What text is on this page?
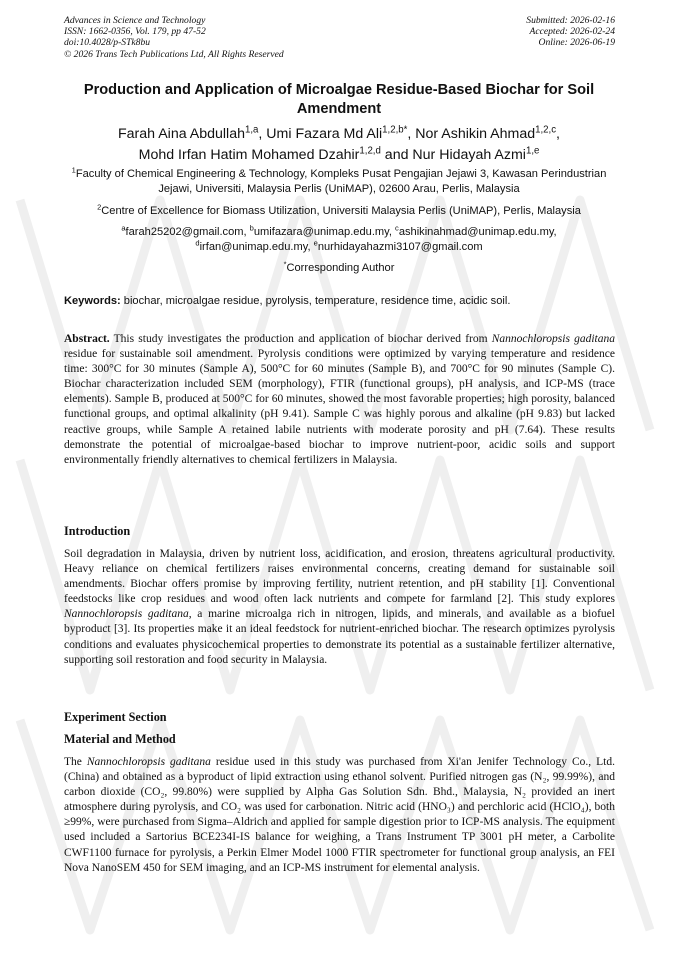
Advances in Science and Technology
ISSN: 1662-0356, Vol. 179, pp 47-52
doi:10.4028/p-STk8bu
© 2026 Trans Tech Publications Ltd, All Rights Reserved
Submitted: 2026-02-16
Accepted: 2026-02-24
Online: 2026-06-19
Production and Application of Microalgae Residue-Based Biochar for Soil Amendment
Farah Aina Abdullah$^{1,a}$, Umi Fazara Md Ali$^{1,2,b*}$, Nor Ashikin Ahmad$^{1,2,c}$,
Mohd Irfan Hatim Mohamed Dzahir$^{1,2,d}$ and Nur Hidayah Azmi$^{1,e}$
$^1$Faculty of Chemical Engineering & Technology, Kompleks Pusat Pengajian Jejawi 3, Kawasan Perindustrian Jejawi, Universiti, Malaysia Perlis (UniMAP), 02600 Arau, Perlis, Malaysia
$^2$Centre of Excellence for Biomass Utilization, Universiti Malaysia Perlis (UniMAP), Perlis, Malaysia
$^a$farah25202@gmail.com, $^b$umifazara@unimap.edu.my, $^c$ashikinahmad@unimap.edu.my,
$^d$irfan@unimap.edu.my, $^e$nurhidayahazmi3107@gmail.com
*Corresponding Author
Keywords: biochar, microalgae residue, pyrolysis, temperature, residence time, acidic soil.
Abstract. This study investigates the production and application of biochar derived from Nannochloropsis gaditana residue for sustainable soil amendment. Pyrolysis conditions were optimized by varying temperature and residence time: 300°C for 30 minutes (Sample A), 500°C for 60 minutes (Sample B), and 700°C for 90 minutes (Sample C). Biochar characterization included SEM (morphology), FTIR (functional groups), pH analysis, and ICP-MS (trace elements). Sample B, produced at 500°C for 60 minutes, showed the most favorable properties; high porosity, balanced functional groups, and optimal alkalinity (pH 9.41). Sample C was highly porous and alkaline (pH 9.83) but lacked reactive groups, while Sample A retained labile nutrients with moderate porosity and pH (7.64). These results demonstrate the potential of microalgae-based biochar to improve nutrient-poor, acidic soils and support environmentally friendly alternatives to chemical fertilizers in Malaysia.
Introduction
Soil degradation in Malaysia, driven by nutrient loss, acidification, and erosion, threatens agricultural productivity. Heavy reliance on chemical fertilizers raises environmental concerns, creating demand for sustainable soil amendments. Biochar offers promise by improving fertility, nutrient retention, and pH stability [1]. Conventional feedstocks like crop residues and wood often lack nutrients and compete for farmland [2]. This study explores Nannochloropsis gaditana, a marine microalga rich in nitrogen, lipids, and minerals, and available as a biofuel byproduct [3]. Its properties make it an ideal feedstock for nutrient-enriched biochar. The research optimizes pyrolysis conditions and evaluates physicochemical properties to demonstrate its potential as a sustainable fertilizer alternative, supporting soil restoration and food security in Malaysia.
Experiment Section
Material and Method
The Nannochloropsis gaditana residue used in this study was purchased from Xi'an Jenifer Technology Co., Ltd. (China) and obtained as a byproduct of lipid extraction using ethanol solvent. Purified nitrogen gas (N₂, 99.99%), and carbon dioxide (CO₂, 99.80%) were supplied by Alpha Gas Solution Sdn. Bhd., Malaysia, N₂ provided an inert atmosphere during pyrolysis, and CO₂ was used for carbonation. Nitric acid (HNO₃) and perchloric acid (HClO₄), both ≥99%, were purchased from Sigma–Aldrich and applied for sample digestion prior to ICP-MS analysis. The equipment used included a Sartorius BCE234I-IS balance for weighing, a Trans Instrument TP 3001 pH meter, a Carbolite CWF1100 furnace for pyrolysis, a Perkin Elmer Model 1000 FTIR spectrometer for functional group analysis, an FEI Nova NanoSEM 450 for SEM imaging, and an ICP-MS instrument for elemental analysis.
